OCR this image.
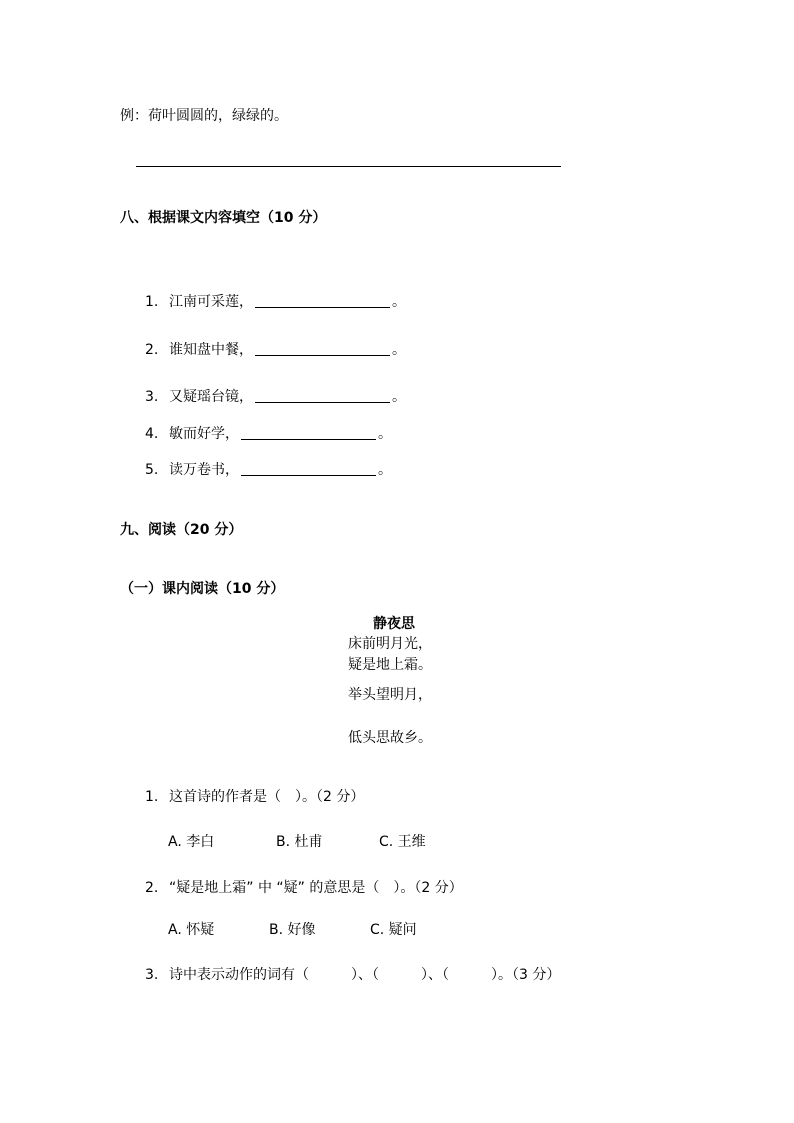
例：荷叶圆圆的，绿绿的。
八、根据课文内容填空（10 分）
1. 江南可采莲，	。
2. 谁知盘中餐，	。
3. 又疑瑶台镜，	。
4. 敏而好学，	。
5. 读万卷书，	。
九、阅读（20 分）
（一）课内阅读（10 分）
静夜思
床前明月光，
疑是地上霜。
举头望明月，
低头思故乡。
1. 这首诗的作者是（　）。（2 分）
A. 李白	B. 杜甫	C. 王维
2. “疑是地上霜” 中 “疑” 的意思是（　）。（2 分）
A. 怀疑	B. 好像	C. 疑问
3. 诗中表示动作的词有（　　　）、（　　　）、（　　　）。（3 分）
